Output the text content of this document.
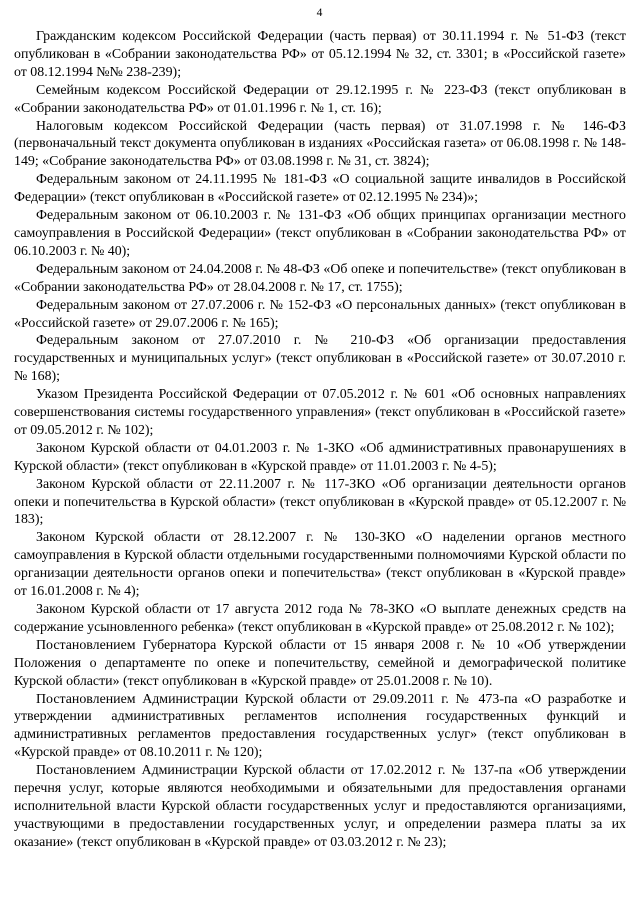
4

Гражданским кодексом Российской Федерации (часть первая) от 30.11.1994 г. № 51-ФЗ (текст опубликован в «Собрании законодательства РФ» от 05.12.1994 № 32, ст. 3301; в «Российской газете» от 08.12.1994 №№ 238-239);

Семейным кодексом Российской Федерации от 29.12.1995 г. № 223-ФЗ (текст опубликован в «Собрании законодательства РФ» от 01.01.1996 г. № 1, ст. 16);

Налоговым кодексом Российской Федерации (часть первая) от 31.07.1998 г. № 146-ФЗ (первоначальный текст документа опубликован в изданиях «Российская газета» от 06.08.1998 г. № 148-149; «Собрание законодательства РФ» от 03.08.1998 г. № 31, ст. 3824);

Федеральным законом от 24.11.1995 № 181-ФЗ «О социальной защите инвалидов в Российской Федерации» (текст опубликован в «Российской газете» от 02.12.1995 № 234)»;

Федеральным законом от 06.10.2003 г. № 131-ФЗ «Об общих принципах организации местного самоуправления в Российской Федерации» (текст опубликован в «Собрании законодательства РФ» от 06.10.2003 г. № 40);

Федеральным законом от 24.04.2008 г. № 48-ФЗ «Об опеке и попечительстве» (текст опубликован в «Собрании законодательства РФ» от 28.04.2008 г. № 17, ст. 1755);

Федеральным законом от 27.07.2006 г. № 152-ФЗ «О персональных данных» (текст опубликован в «Российской газете» от 29.07.2006 г. № 165);

Федеральным законом от 27.07.2010 г. № 210-ФЗ «Об организации предоставления государственных и муниципальных услуг» (текст опубликован в «Российской газете» от 30.07.2010 г. № 168);

Указом Президента Российской Федерации от 07.05.2012 г. № 601 «Об основных направлениях совершенствования системы государственного управления» (текст опубликован в «Российской газете» от 09.05.2012 г. № 102);

Законом Курской области от 04.01.2003 г. № 1-ЗКО «Об административных правонарушениях в Курской области» (текст опубликован в «Курской правде» от 11.01.2003 г. № 4-5);

Законом Курской области от 22.11.2007 г. № 117-ЗКО «Об организации деятельности органов опеки и попечительства в Курской области» (текст опубликован в «Курской правде» от 05.12.2007 г. № 183);

Законом Курской области от 28.12.2007 г. № 130-ЗКО «О наделении органов местного самоуправления в Курской области отдельными государственными полномочиями Курской области по организации деятельности органов опеки и попечительства» (текст опубликован в «Курской правде» от 16.01.2008 г. № 4);

Законом Курской области от 17 августа 2012 года № 78-ЗКО «О выплате денежных средств на содержание усыновленного ребенка» (текст опубликован в «Курской правде» от 25.08.2012 г. № 102);

Постановлением Губернатора Курской области от 15 января 2008 г. № 10 «Об утверждении Положения о департаменте по опеке и попечительству, семейной и демографической политике Курской области» (текст опубликован в «Курской правде» от 25.01.2008 г. № 10).

Постановлением Администрации Курской области от 29.09.2011 г. № 473-па «О разработке и утверждении административных регламентов исполнения государственных функций и административных регламентов предоставления государственных услуг» (текст опубликован в «Курской правде» от 08.10.2011 г. № 120);

Постановлением Администрации Курской области от 17.02.2012 г. № 137-па «Об утверждении перечня услуг, которые являются необходимыми и обязательными для предоставления органами исполнительной власти Курской области государственных услуг и предоставляются организациями, участвующими в предоставлении государственных услуг, и определении размера платы за их оказание» (текст опубликован в «Курской правде» от 03.03.2012 г. № 23);
